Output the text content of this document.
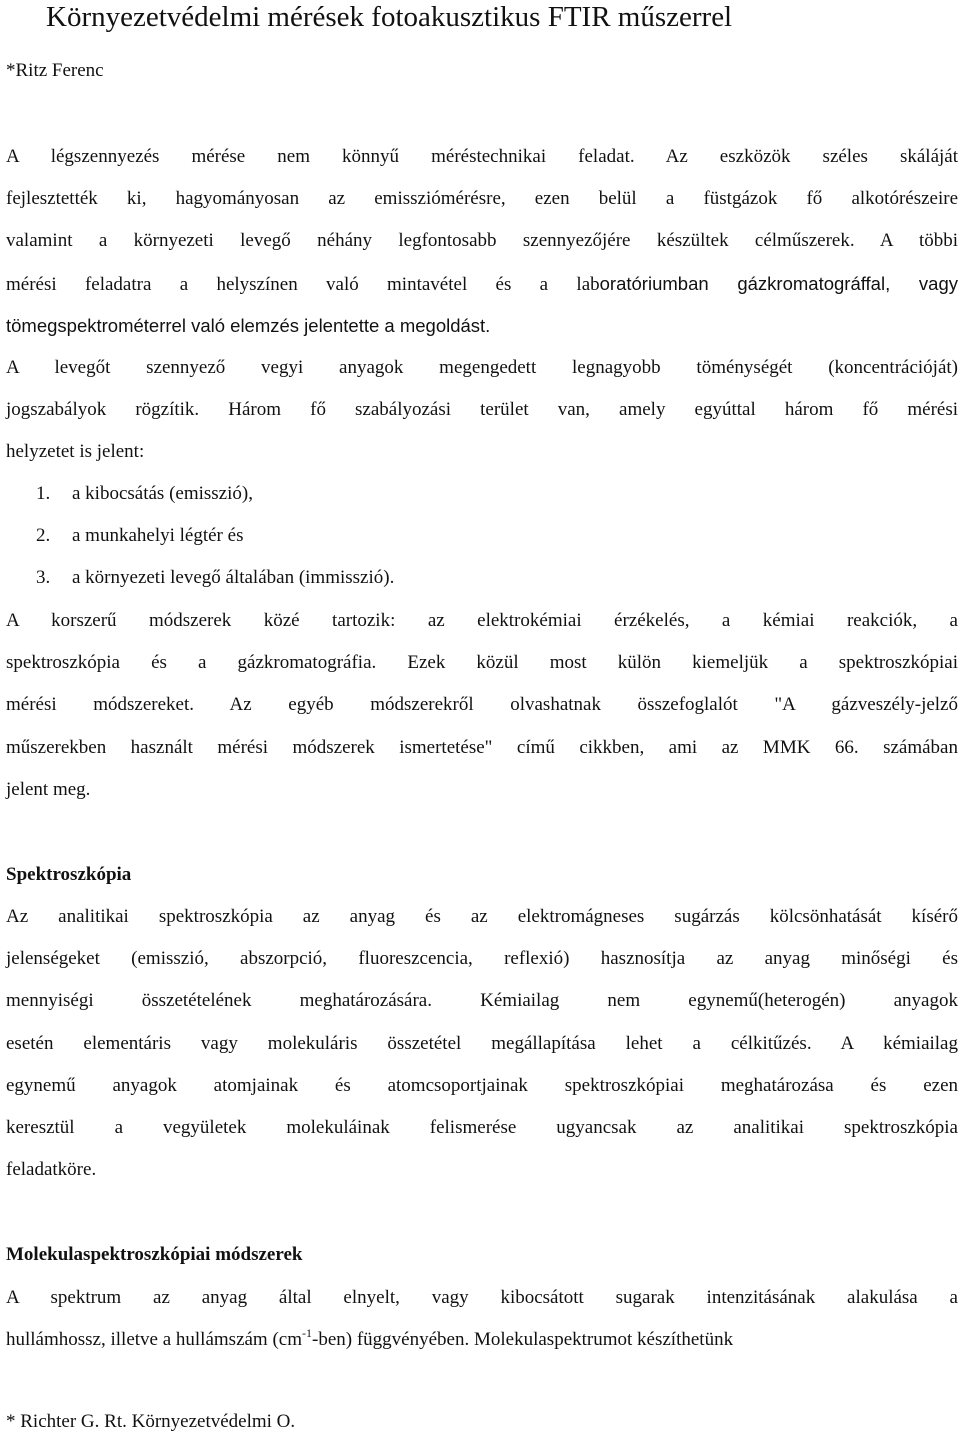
Környezetvédelmi mérések fotoakusztikus FTIR műszerrel
*Ritz Ferenc
A légszennyezés mérése nem könnyű méréstechnikai feladat. Az eszközök széles skáláját
fejlesztették ki, hagyományosan az emissziómérésre, ezen belül a füstgázok fő alkotórészeire
valamint a környezeti levegő néhány legfontosabb szennyezőjére készültek célműszerek. A többi
mérési feladatra a helyszínen való mintavétel és a laboratóriumban gázkromatográffal, vagy
tömegspektrométerrel való elemzés jelentette a megoldást.
A levegőt szennyező vegyi anyagok megengedett legnagyobb töménységét (koncentrációját)
jogszabályok rögzítik. Három fő szabályozási terület van, amely egyúttal három fő mérési
helyzetet is jelent:
1.	a kibocsátás (emisszió),
2.	a munkahelyi légtér és
3.	a környezeti levegő általában (immisszió).
A korszerű módszerek közé tartozik: az elektrokémiai érzékelés, a kémiai reakciók, a
spektroszkópia és a gázkromatográfia. Ezek közül most külön kiemeljük a spektroszkópiai
mérési módszereket. Az egyéb módszerekről olvashatnak összefoglalót "A gázveszély-jelző
műszerekben használt mérési módszerek ismertetése" című cikkben, ami az MMK 66. számában
jelent meg.
Spektroszkópia
Az analitikai spektroszkópia az anyag és az elektromágneses sugárzás kölcsönhatását kísérő
jelenségeket (emisszió, abszorpció, fluoreszcencia, reflexió) hasznosítja az anyag minőségi és
mennyiségi összetételének meghatározására. Kémiailag nem egynemű(heterogén) anyagok
esetén elementáris vagy molekuláris összetétel megállapítása lehet a célkitűzés. A kémiailag
egynemű anyagok atomjainak és atomcsoportjainak spektroszkópiai meghatározása és ezen
keresztül a vegyületek molekuláinak felismerése ugyancsak az analitikai spektroszkópia
feladatköre.
Molekulaspektroszkópiai módszerek
A spektrum az anyag által elnyelt, vagy kibocsátott sugarak intenzitásának alakulása a
hullámhossz, illetve a hullámszám $(cm^{-1}-ben)$ függvényében. Molekulaspektrumot készíthetünk
* Richter G. Rt. Környezetvédelmi O.
